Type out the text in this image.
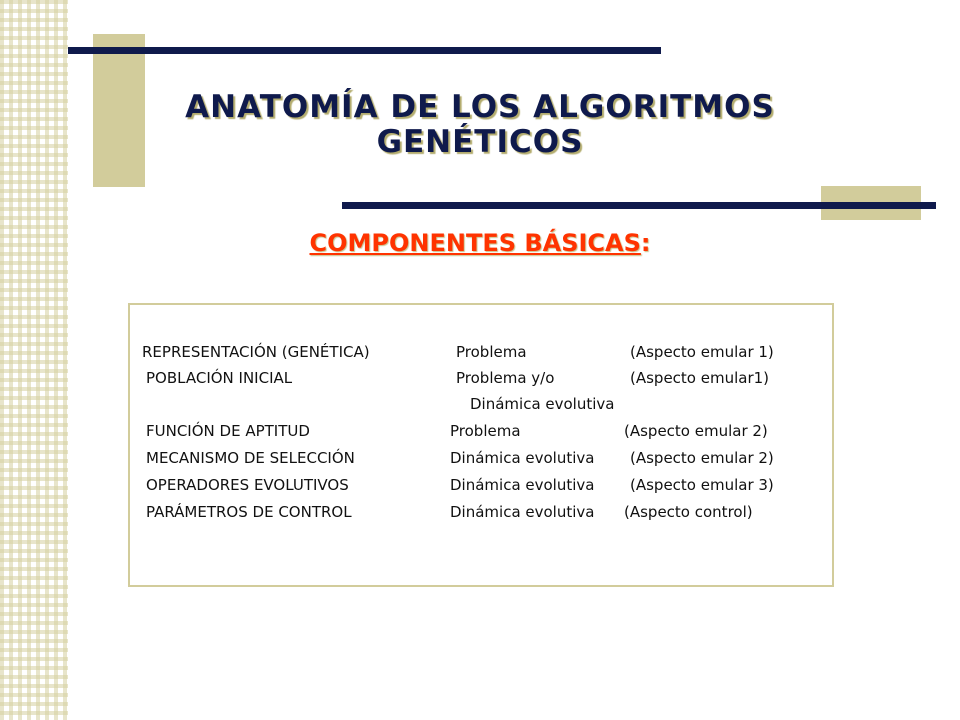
ANATOMÍA DE LOS ALGORITMOS
GENÉTICOS
COMPONENTES BÁSICAS:
REPRESENTACIÓN (GENÉTICA)	Problema	(Aspecto emular 1)
POBLACIÓN INICIAL	Problema y/o	(Aspecto emular1)
Dinámica evolutiva
FUNCIÓN DE APTITUD	Problema	(Aspecto emular 2)
MECANISMO DE SELECCIÓN	Dinámica evolutiva (Aspecto emular 2)
OPERADORES EVOLUTIVOS	Dinámica evolutiva (Aspecto emular 3)
PARÁMETROS DE CONTROL	Dinámica evolutiva (Aspecto control)
